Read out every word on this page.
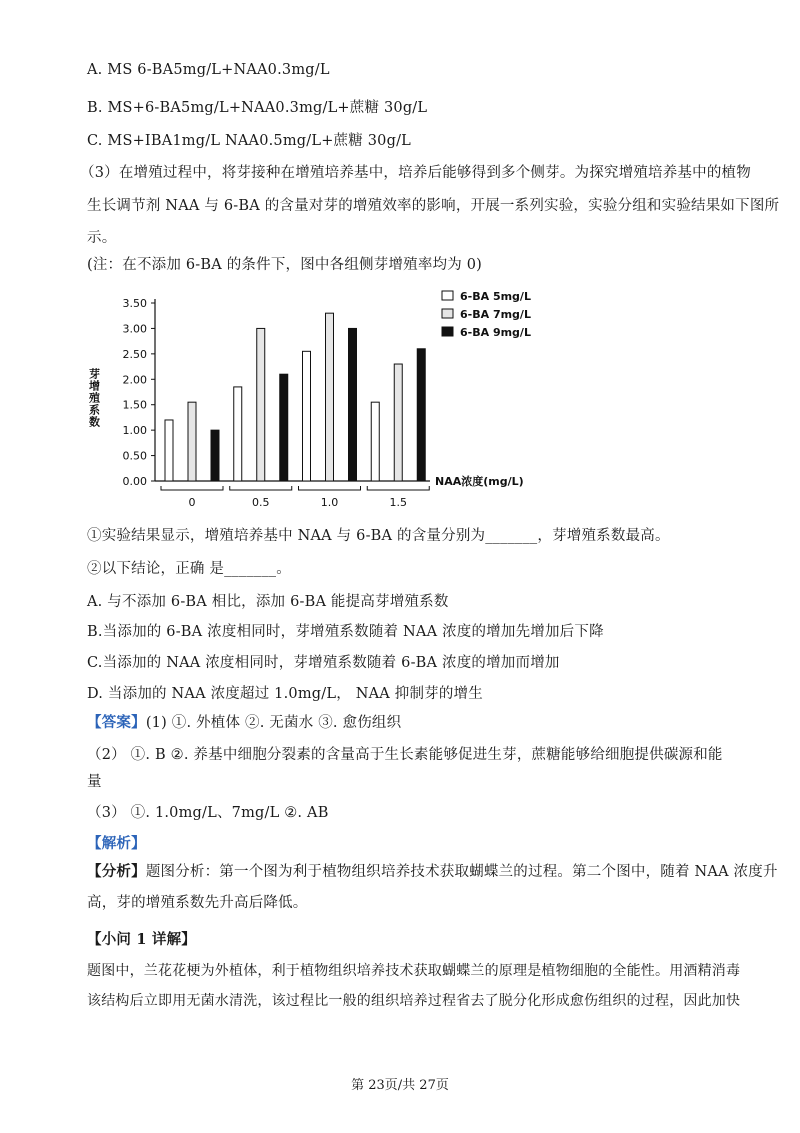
A. MS 6-BA5mg/L+NAA0.3mg/L
B. MS+6-BA5mg/L+NAA0.3mg/L+蔗糖 30g/L
C. MS+IBA1mg/L NAA0.5mg/L+蔗糖 30g/L
（3）在增殖过程中，将芽接种在增殖培养基中，培养后能够得到多个侧芽。为探究增殖培养基中的植物
生长调节剂 NAA 与 6-BA 的含量对芽的增殖效率的影响，开展一系列实验，实验分组和实验结果如下图所
示。
(注：在不添加 6-BA 的条件下，图中各组侧芽增殖率均为 0)
0.00
0.50
1.00
1.50
2.00
2.50
3.00
3.50
芽增殖系数
0	0.5	1.0	1.5
NAA浓度(mg/L)
6-BA 5mg/L
6-BA 7mg/L
6-BA 9mg/L
①实验结果显示，增殖培养基中 NAA 与 6-BA 的含量分别为_______，芽增殖系数最高。
②以下结论，正确 是_______。
A. 与不添加 6-BA 相比，添加 6-BA 能提高芽增殖系数
B.当添加的 6-BA 浓度相同时，芽增殖系数随着 NAA 浓度的增加先增加后下降
C.当添加的 NAA 浓度相同时，芽增殖系数随着 6-BA 浓度的增加而增加
D. 当添加的 NAA 浓度超过 1.0mg/L， NAA 抑制芽的增生
【答案】(1) ①. 外植体 ②. 无菌水 ③. 愈伤组织
（2） ①. B ②. 养基中细胞分裂素的含量高于生长素能够促进生芽，蔗糖能够给细胞提供碳源和能
量
（3） ①. 1.0mg/L、7mg/L ②. AB
【解析】
【分析】题图分析：第一个图为利于植物组织培养技术获取蝴蝶兰的过程。第二个图中，随着 NAA 浓度升
高，芽的增殖系数先升高后降低。
【小问 1 详解】
题图中，兰花花梗为外植体，利于植物组织培养技术获取蝴蝶兰的原理是植物细胞的全能性。用酒精消毒
该结构后立即用无菌水清洗，该过程比一般的组织培养过程省去了脱分化形成愈伤组织的过程，因此加快
第 23页/共 27页
